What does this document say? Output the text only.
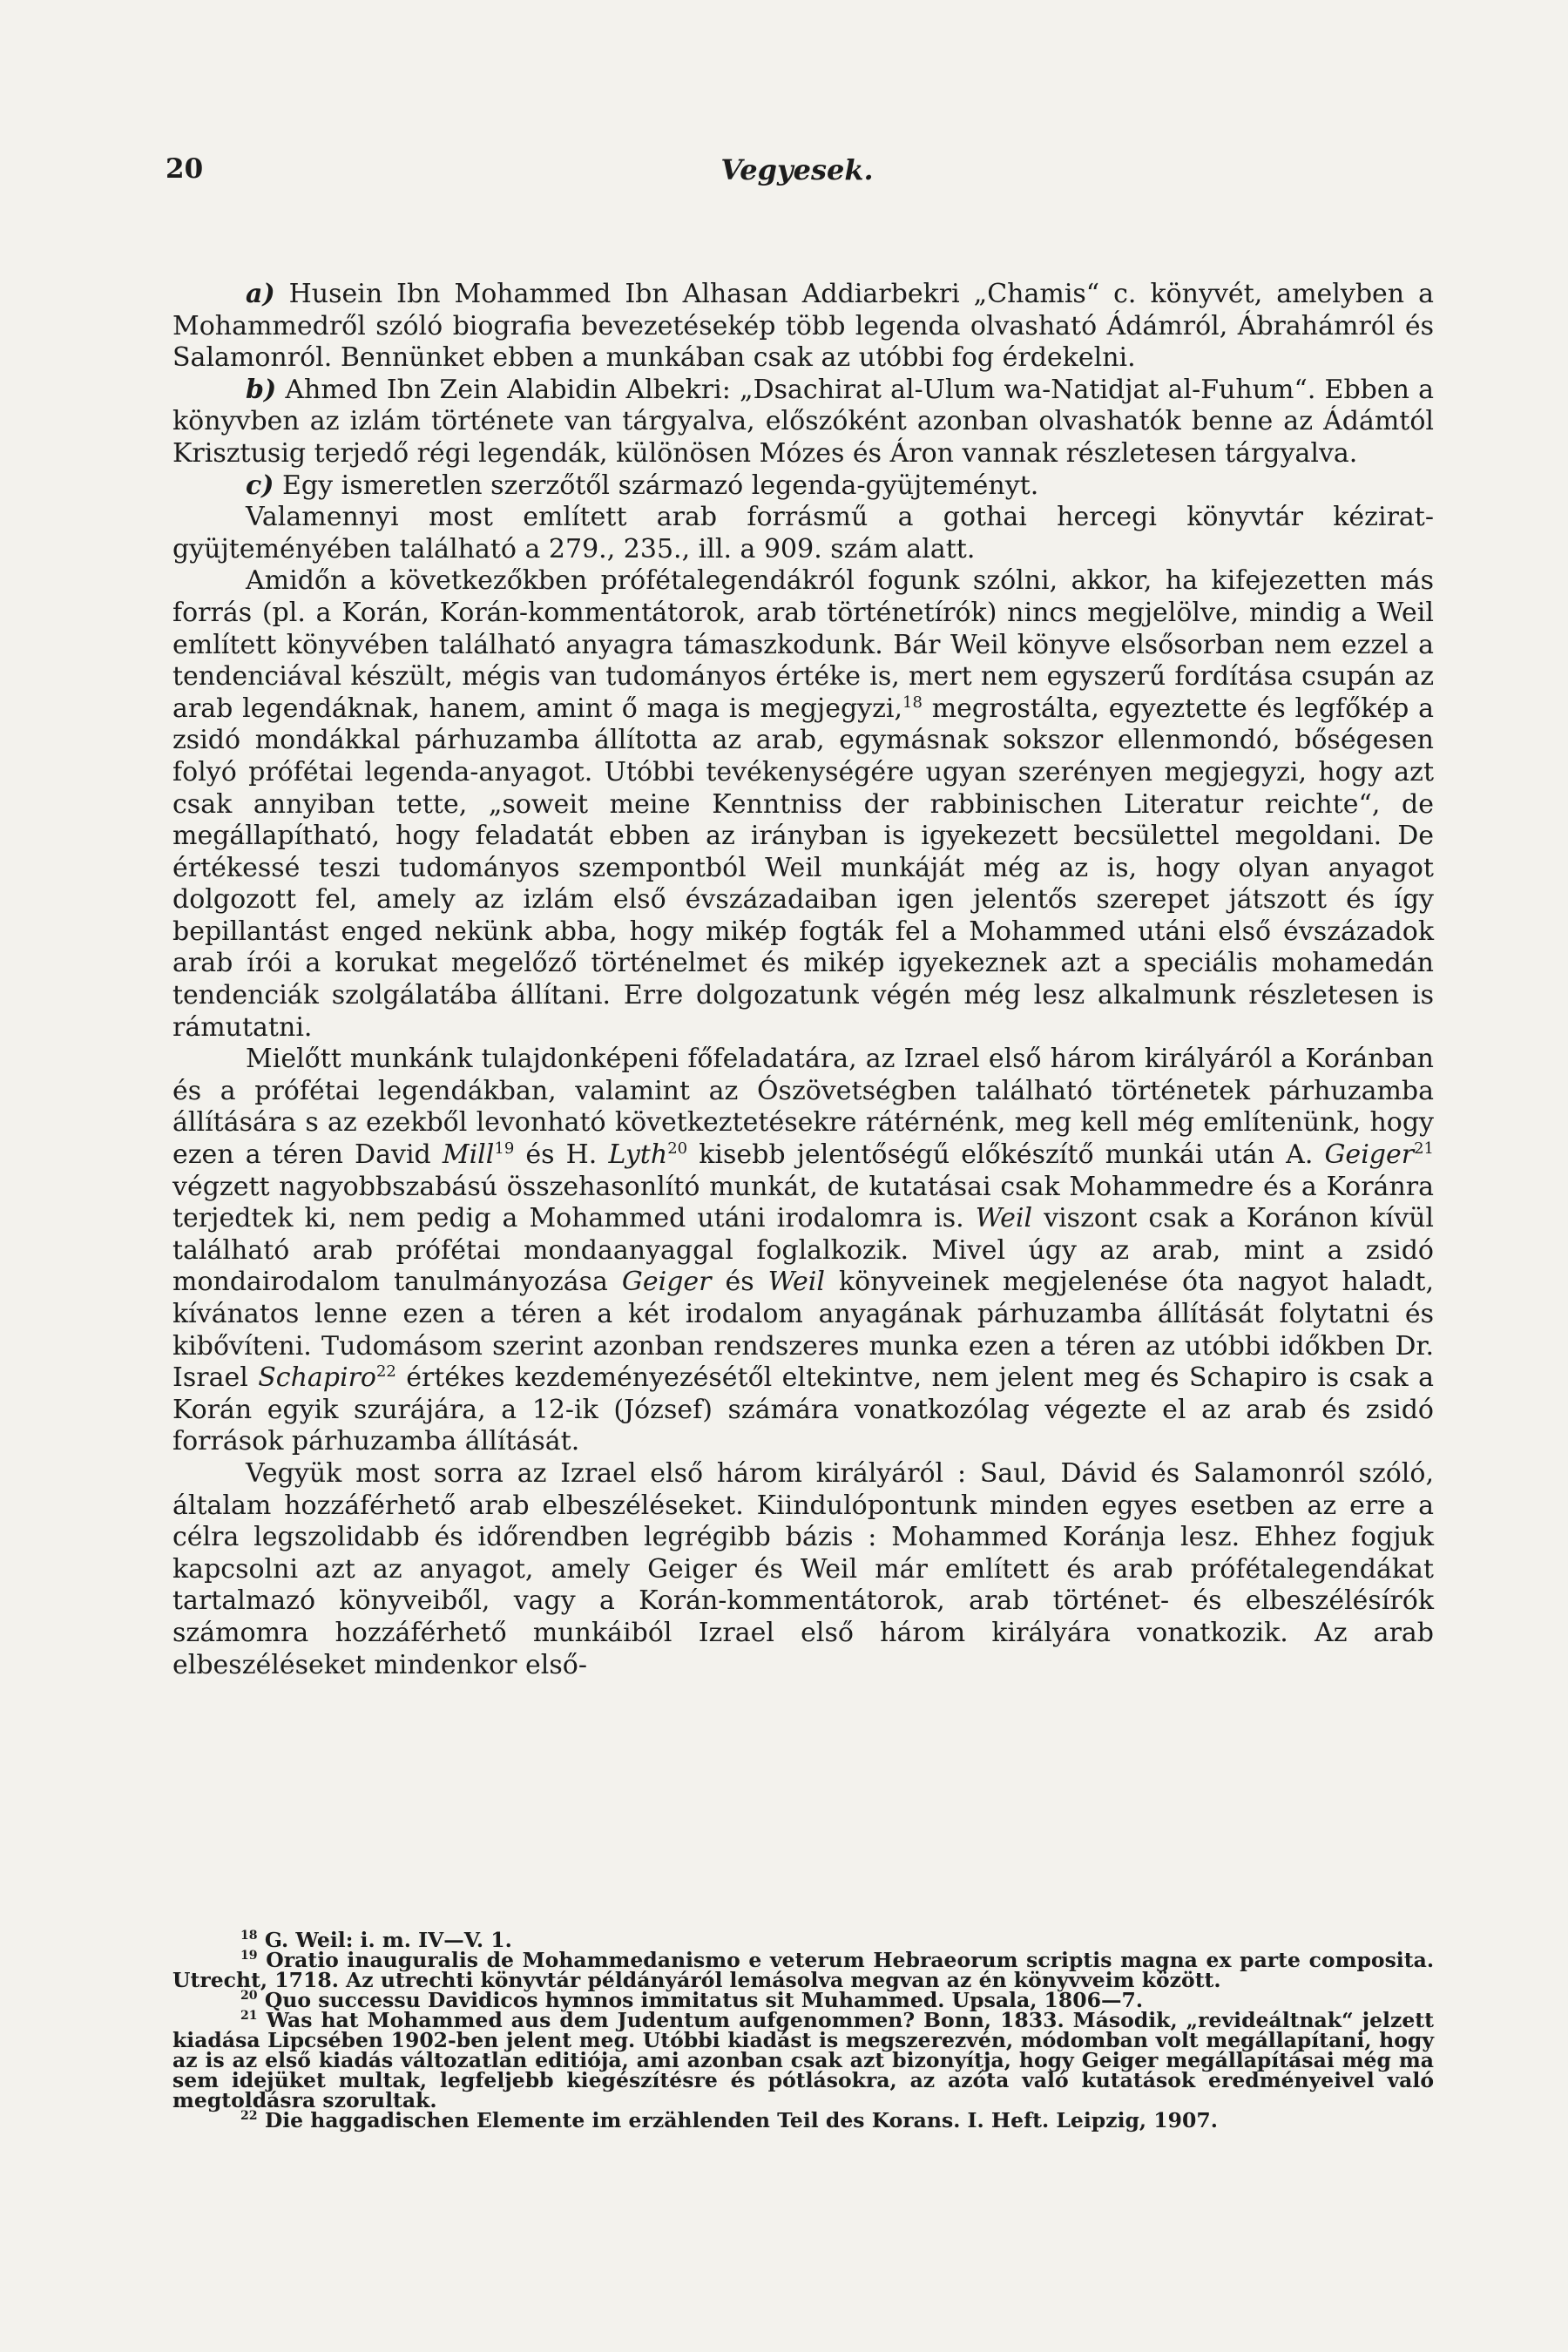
20	Vegyesek.

a) Husein Ibn Mohammed Ibn Alhasan Addiarbekri „Chamis“ c. könyvét, amelyben a Mohammedről szóló biografia bevezetésekép több legenda olvasható Ádámról, Ábrahámról és Salamonról. Bennünket ebben a munkában csak az utóbbi fog érdekelni.

b) Ahmed Ibn Zein Alabidin Albekri: „Dsachirat al-Ulum wa-Natidjat al-Fuhum“. Ebben a könyvben az izlám története van tárgyalva, előszóként azonban olvashatók benne az Ádámtól Krisztusig terjedő régi legendák, különösen Mózes és Áron vannak részletesen tárgyalva.

c) Egy ismeretlen szerzőtől származó legenda-gyüjteményt.

Valamennyi most említett arab forrásmű a gothai hercegi könyvtár kézirat-gyüjteményében található a 279., 235., ill. a 909. szám alatt.

Amidőn a következőkben prófétalegendákról fogunk szólni, akkor, ha kifejezetten más forrás (pl. a Korán, Korán-kommentátorok, arab történetírók) nincs megjelölve, mindig a Weil említett könyvében található anyagra támaszkodunk. Bár Weil könyve elsősorban nem ezzel a tendenciával készült, mégis van tudományos értéke is, mert nem egyszerű fordítása csupán az arab legendáknak, hanem, amint ő maga is megjegyzi,$^{18}$ megrostálta, egyeztette és legfőkép a zsidó mondákkal párhuzamba állította az arab, egymásnak sokszor ellenmondó, bőségesen folyó prófétai legenda-anyagot. Utóbbi tevékenységére ugyan szerényen megjegyzi, hogy azt csak annyiban tette, „soweit meine Kenntniss der rabbinischen Literatur reichte“, de megállapítható, hogy feladatát ebben az irányban is igyekezett becsülettel megoldani. De értékessé teszi tudományos szempontból Weil munkáját még az is, hogy olyan anyagot dolgozott fel, amely az izlám első évszázadaiban igen jelentős szerepet játszott és így bepillantást enged nekünk abba, hogy mikép fogták fel a Mohammed utáni első évszázadok arab írói a korukat megelőző történelmet és mikép igyekeznek azt a speciális mohamedán tendenciák szolgálatába állítani. Erre dolgozatunk végén még lesz alkalmunk részletesen is rámutatni.

Mielőtt munkánk tulajdonképeni főfeladatára, az Izrael első három királyáról a Koránban és a prófétai legendákban, valamint az Ószövetségben található történetek párhuzamba állítására s az ezekből levonható következtetésekre rátérnénk, meg kell még említenünk, hogy ezen a téren David Mill$^{19}$ és H. Lyth$^{20}$ kisebb jelentőségű előkészítő munkái után A. Geiger$^{21}$ végzett nagyobbszabású összehasonlító munkát, de kutatásai csak Mohammedre és a Koránra terjedtek ki, nem pedig a Mohammed utáni irodalomra is. Weil viszont csak a Koránon kívül található arab prófétai mondaanyaggal foglalkozik. Mivel úgy az arab, mint a zsidó mondairodalom tanulmányozása Geiger és Weil könyveinek megjelenése óta nagyot haladt, kívánatos lenne ezen a téren a két irodalom anyagának párhuzamba állítását folytatni és kibővíteni. Tudomásom szerint azonban rendszeres munka ezen a téren az utóbbi időkben Dr. Israel Schapiro$^{22}$ értékes kezdeményezésétől eltekintve, nem jelent meg és Schapiro is csak a Korán egyik szurájára, a 12-ik (József) számára vonatkozólag végezte el az arab és zsidó források párhuzamba állítását.

Vegyük most sorra az Izrael első három királyáról : Saul, Dávid és Salamonról szóló, általam hozzáférhető arab elbeszéléseket. Kiindulópontunk minden egyes esetben az erre a célra legszolidabb és időrendben legrégibb bázis : Mohammed Koránja lesz. Ehhez fogjuk kapcsolni azt az anyagot, amely Geiger és Weil már említett és arab prófétalegendákat tartalmazó könyveiből, vagy a Korán-kommentátorok, arab történet- és elbeszélésírók számomra hozzáférhető munkáiból Izrael első három királyára vonatkozik. Az arab elbeszéléseket mindenkor első-

$^{18}$ G. Weil: i. m. IV—V. 1.

$^{19}$ Oratio inauguralis de Mohammedanismo e veterum Hebraeorum scriptis magna ex parte composita. Utrecht, 1718. Az utrechti könyvtár példányáról lemásolva megvan az én könyvveim között.

$^{20}$ Quo successu Davidicos hymnos immitatus sit Muhammed. Upsala, 1806—7.

$^{21}$ Was hat Mohammed aus dem Judentum aufgenommen? Bonn, 1833. Második, „revideáltnak“ jelzett kiadása Lipcsében 1902-ben jelent meg. Utóbbi kiadást is megszerezvén, módomban volt megállapítani, hogy az is az első kiadás változatlan editiója, ami azonban csak azt bizonyítja, hogy Geiger megállapításai még ma sem idejüket multak, legfeljebb kiegészítésre és pótlásokra, az azóta való kutatások eredményeivel való megtoldásra szorultak.

$^{22}$ Die haggadischen Elemente im erzählenden Teil des Korans. I. Heft. Leipzig, 1907.
